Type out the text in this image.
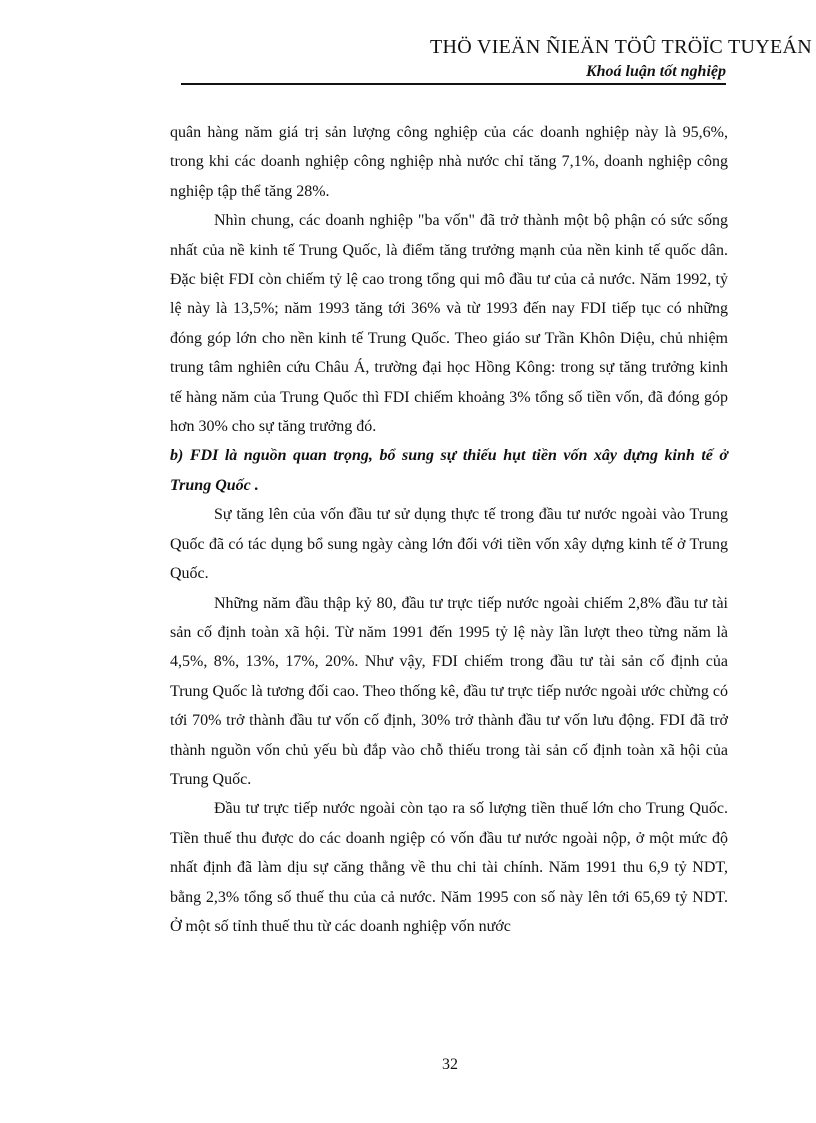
THÖ VIEÄN ÑIEÄN TÖÛ TRÖÏC TUYEÁN
Khoá luận tốt nghiệp

quân hàng năm giá trị sản lượng công nghiệp của các doanh nghiệp này là 95,6%, trong khi các doanh nghiệp công nghiệp nhà nước chỉ tăng 7,1%, doanh nghiệp công nghiệp tập thể tăng 28%.

Nhìn chung, các doanh nghiệp "ba vốn" đã trở thành một bộ phận có sức sống nhất của nề kinh tế Trung Quốc, là điểm tăng trưởng mạnh của nền kinh tế quốc dân. Đặc biệt FDI còn chiếm tỷ lệ cao trong tổng qui mô đầu tư của cả nước. Năm 1992, tỷ lệ này là 13,5%; năm 1993 tăng tới 36% và từ 1993 đến nay FDI tiếp tục có những đóng góp lớn cho nền kinh tế Trung Quốc. Theo giáo sư Trần Khôn Diệu, chủ nhiệm trung tâm nghiên cứu Châu Á, trường đại học Hồng Kông: trong sự tăng trưởng kinh tế hàng năm của Trung Quốc thì FDI chiếm khoảng 3% tổng số tiền vốn, đã đóng góp hơn 30% cho sự tăng trưởng đó.

b) FDI là nguồn quan trọng, bổ sung sự thiếu hụt tiền vốn xây dựng kinh tế ở Trung Quốc .

Sự tăng lên của vốn đầu tư sử dụng thực tế trong đầu tư nước ngoài vào Trung Quốc đã có tác dụng bổ sung ngày càng lớn đối với tiền vốn xây dựng kinh tế ở Trung Quốc.

Những năm đầu thập kỷ 80, đầu tư trực tiếp nước ngoài chiếm 2,8% đầu tư tài sản cố định toàn xã hội. Từ năm 1991 đến 1995 tỷ lệ này lần lượt theo từng năm là 4,5%, 8%, 13%, 17%, 20%. Như vậy, FDI chiếm trong đầu tư tài sản cố định của Trung Quốc là tương đối cao. Theo thống kê, đầu tư trực tiếp nước ngoài ước chừng có tới 70% trở thành đầu tư vốn cố định, 30% trở thành đầu tư vốn lưu động. FDI đã trở thành nguồn vốn chủ yếu bù đắp vào chỗ thiếu trong tài sản cố định toàn xã hội của Trung Quốc.

Đầu tư trực tiếp nước ngoài còn tạo ra số lượng tiền thuế lớn cho Trung Quốc. Tiền thuế thu được do các doanh ngiệp có vốn đầu tư nước ngoài nộp, ở một mức độ nhất định đã làm dịu sự căng thẳng về thu chi tài chính. Năm 1991 thu 6,9 tỷ NDT, bằng 2,3% tổng số thuế thu của cả nước. Năm 1995 con số này lên tới 65,69 tỷ NDT. Ở một số tỉnh thuế thu từ các doanh nghiệp vốn nước

32
